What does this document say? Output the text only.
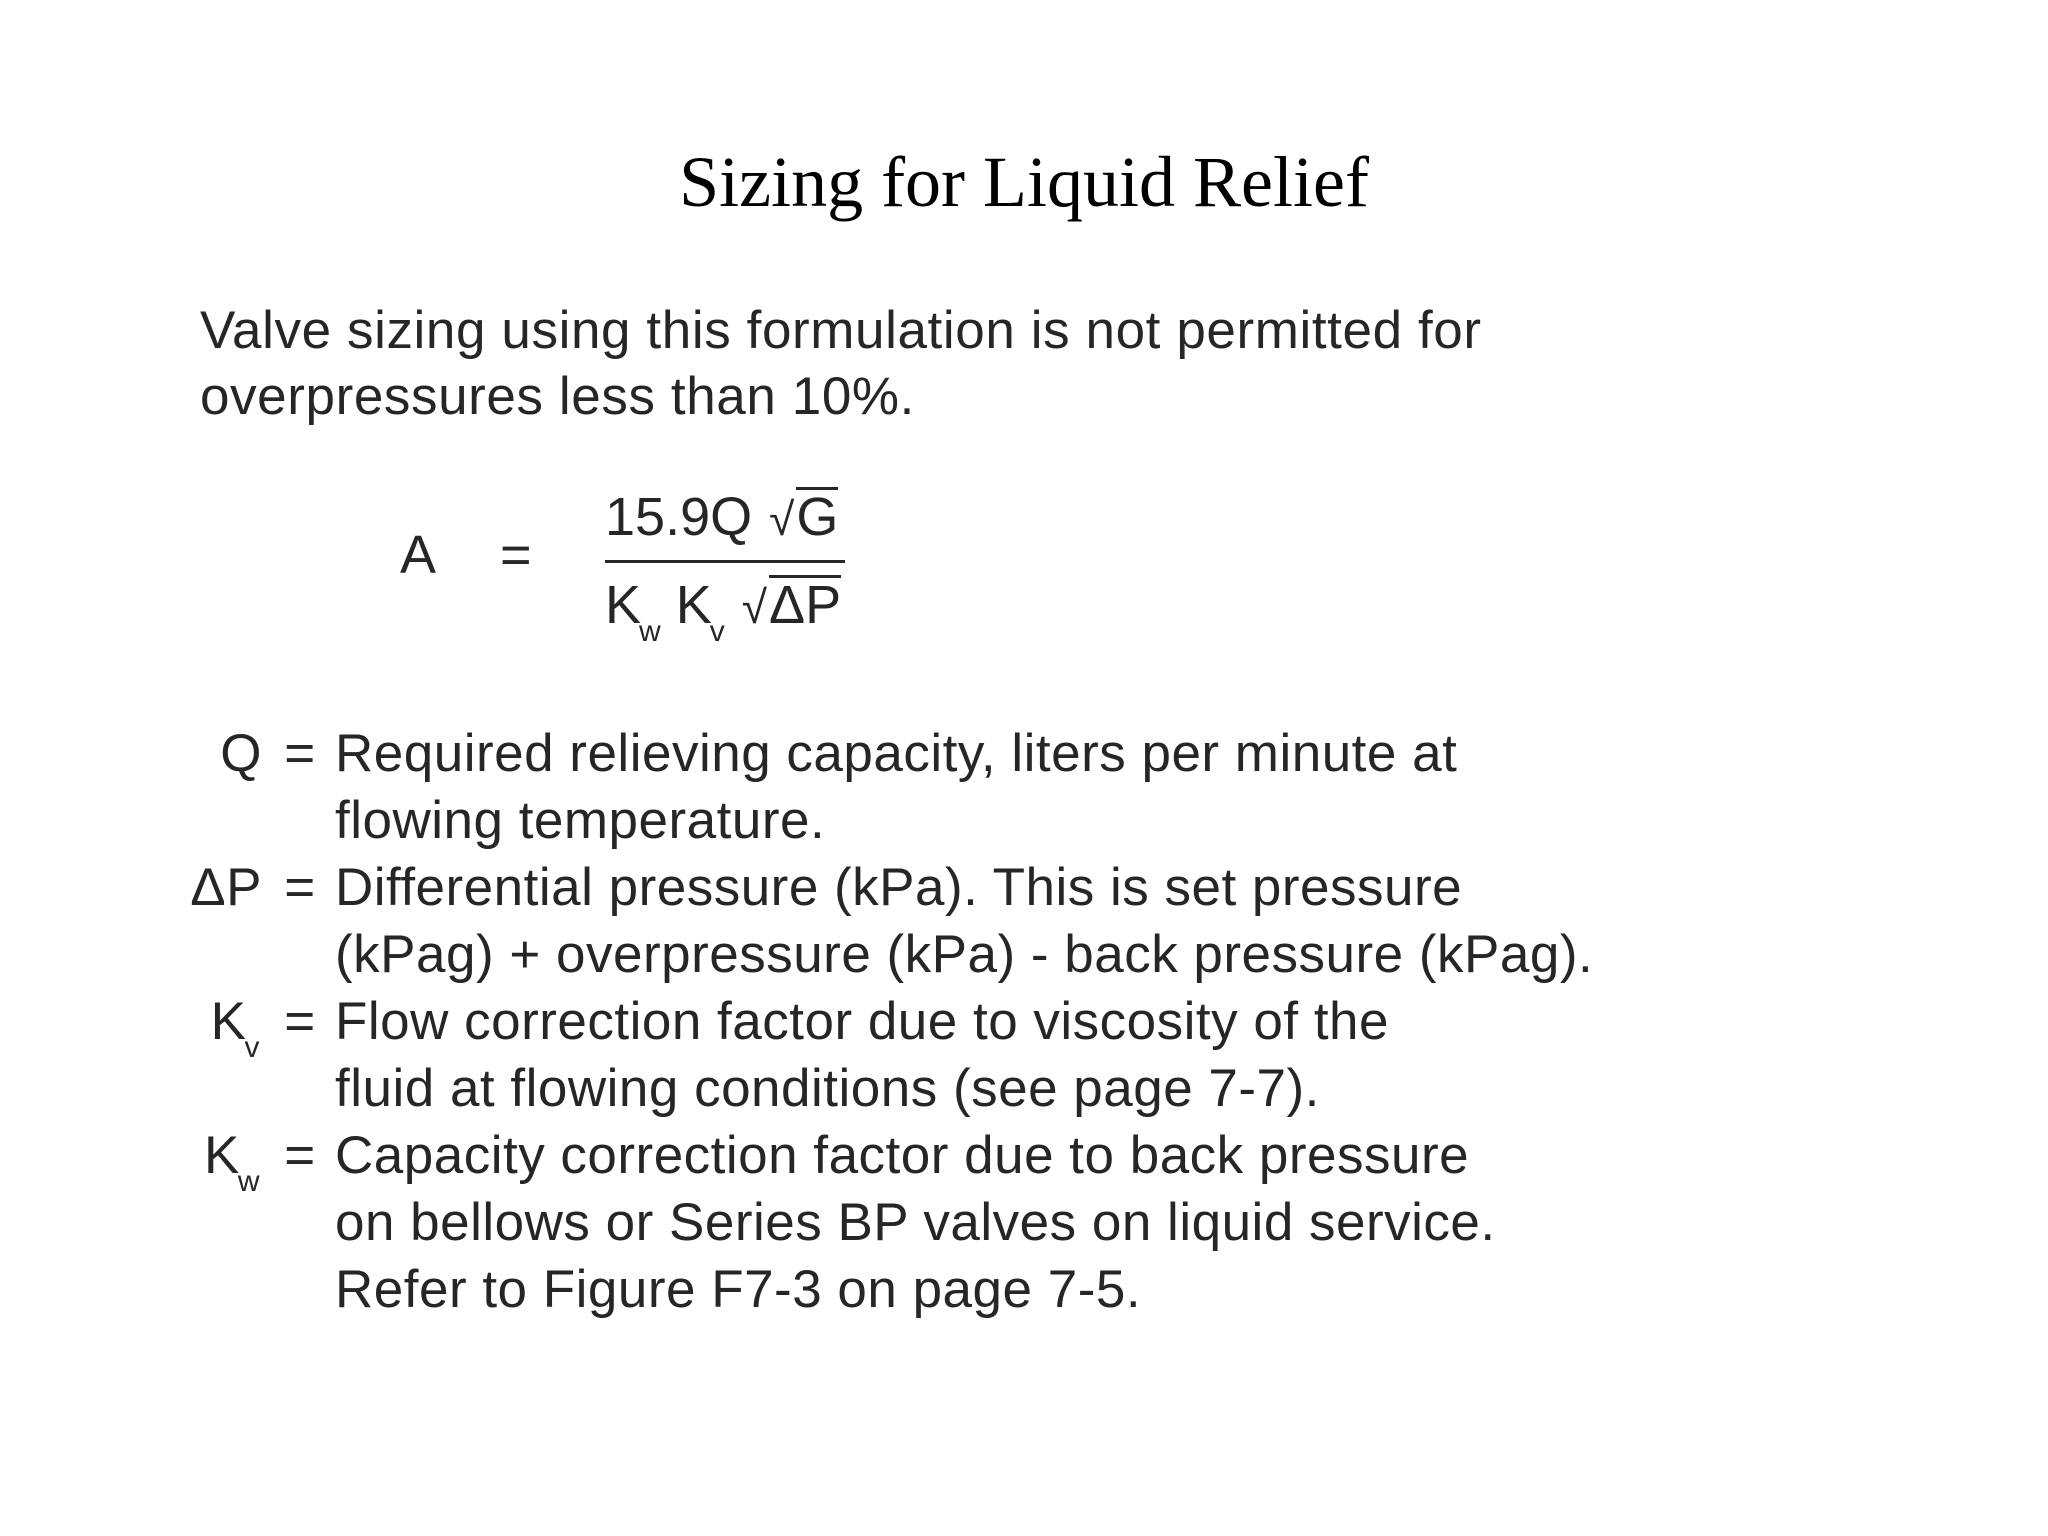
Sizing for Liquid Relief
Valve sizing using this formulation is not permitted for
overpressures less than 10%.
A =
15.9Q √G
$K_w$ $K_v$ √ΔP
Q = Required relieving capacity, liters per minute at
flowing temperature.
ΔP = Differential pressure (kPa). This is set pressure
(kPag) + overpressure (kPa) - back pressure (kPag).
$K_v$ = Flow correction factor due to viscosity of the
fluid at flowing conditions (see page 7-7).
$K_w$ = Capacity correction factor due to back pressure
on bellows or Series BP valves on liquid service.
Refer to Figure F7-3 on page 7-5.
